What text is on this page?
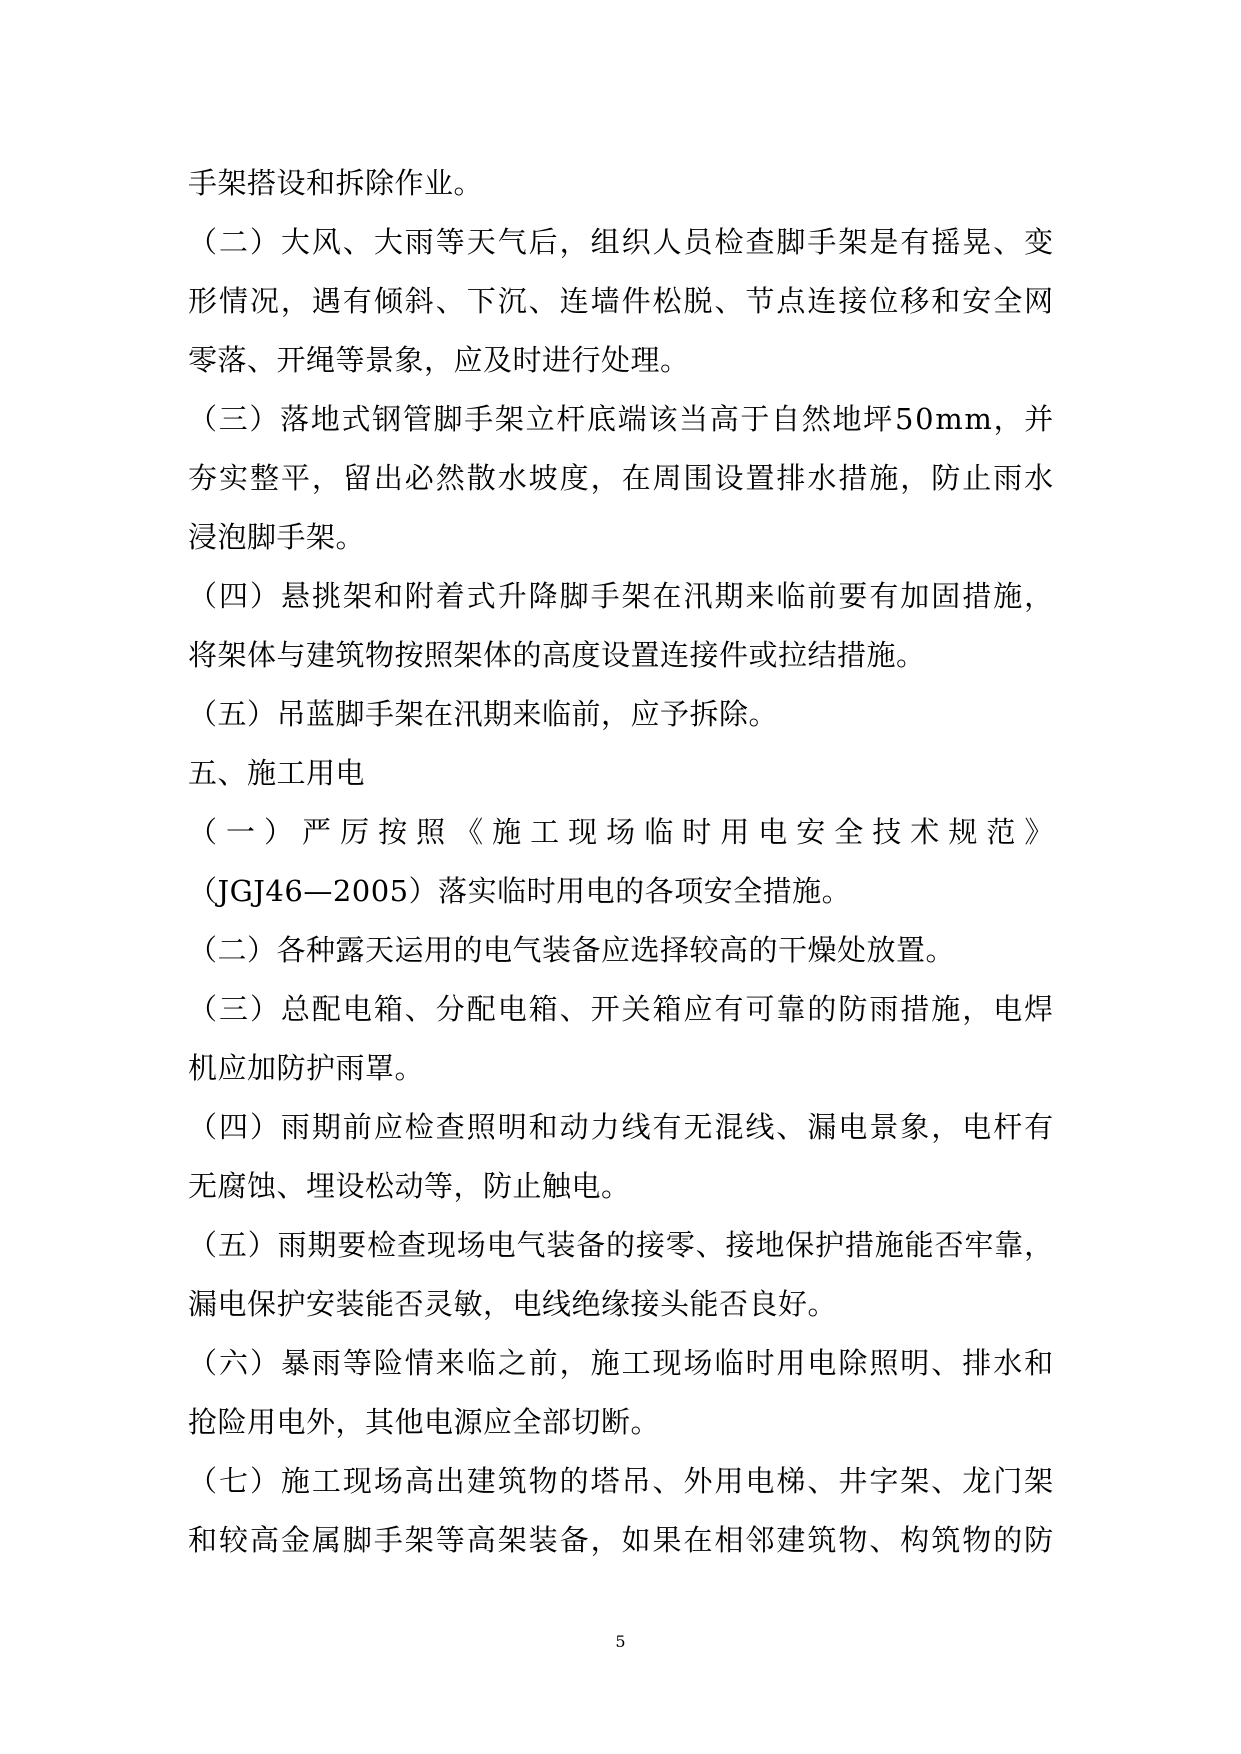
手架搭设和拆除作业。
（ 二 ） 大 风 、 大 雨 等 天 气 后 ， 组 织 人 员 检 查 脚 手 架 是 有 摇 晃 、 变
形 情 况 ， 遇 有 倾 斜 、 下 沉 、 连 墙 件 松 脱 、 节 点 连 接 位 移 和 安 全 网
零落、开绳等景象，应及时进行处理。
（ 三 ） 落 地 式 钢 管 脚 手 架 立 杆 底 端 该 当 高 于 自 然 地 坪 5 0 m m ， 并
夯 实 整 平 ， 留 出 必 然 散 水 坡 度 ， 在 周 围 设 置 排 水 措 施 ， 防 止 雨 水
浸泡脚手架。
（ 四 ） 悬 挑 架 和 附 着 式 升 降 脚 手 架 在 汛 期 来 临 前 要 有 加 固 措 施 ，
将架体与建筑物按照架体的高度设置连接件或拉结措施。
（五）吊蓝脚手架在汛期来临前，应予拆除。
五、施工用电
（ 一 ） 严 厉 按 照 《 施 工 现 场 临 时 用 电 安 全 技 术 规 范 》
（JGJ46—2005）落实临时用电的各项安全措施。
（二）各种露天运用的电气装备应选择较高的干燥处放置。
（ 三 ） 总 配 电 箱 、 分 配 电 箱 、 开 关 箱 应 有 可 靠 的 防 雨 措 施 ， 电 焊
机应加防护雨罩。
（ 四 ） 雨 期 前 应 检 查 照 明 和 动 力 线 有 无 混 线 、 漏 电 景 象 ， 电 杆 有
无腐蚀、埋设松动等，防止触电。
（ 五 ） 雨 期 要 检 查 现 场 电 气 装 备 的 接 零 、 接 地 保 护 措 施 能 否 牢 靠 ，
漏电保护安装能否灵敏，电线绝缘接头能否良好。
（ 六 ） 暴 雨 等 险 情 来 临 之 前 ， 施 工 现 场 临 时 用 电 除 照 明 、 排 水 和
抢险用电外，其他电源应全部切断。
（ 七 ） 施 工 现 场 高 出 建 筑 物 的 塔 吊 、 外 用 电 梯 、 井 字 架 、 龙 门 架
和 较 高 金 属 脚 手 架 等 高 架 装 备 ， 如 果 在 相 邻 建 筑 物 、 构 筑 物 的 防
5
